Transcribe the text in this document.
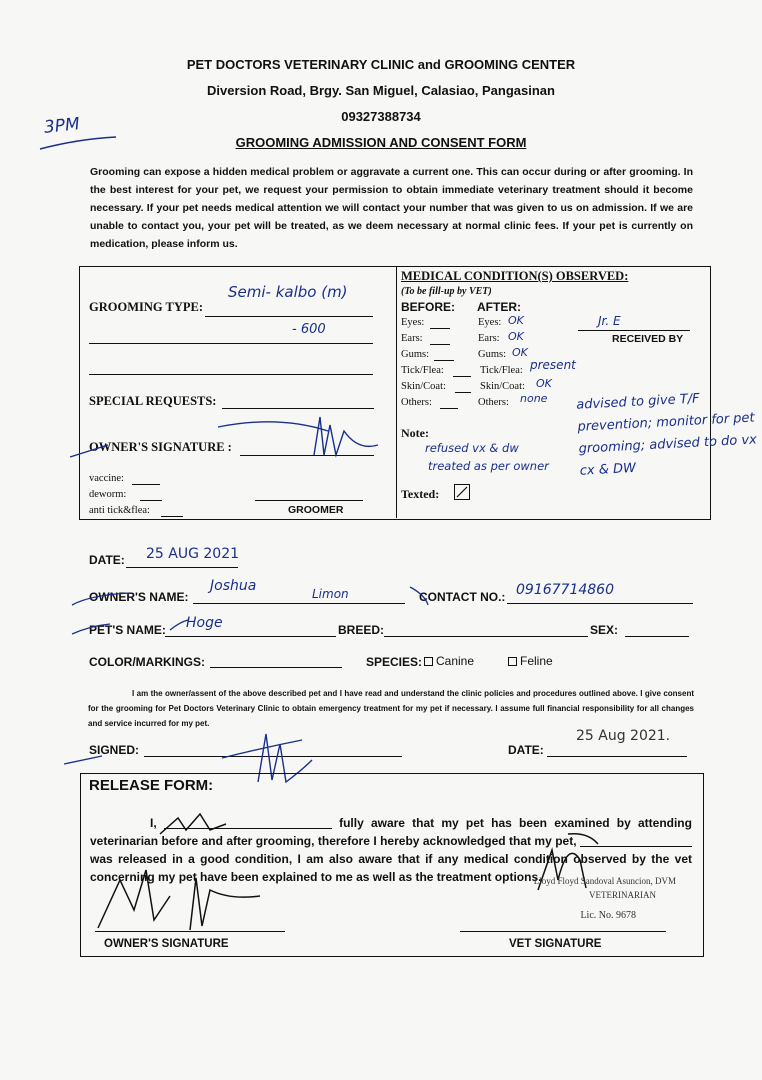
PET DOCTORS VETERINARY CLINIC and GROOMING CENTER
Diversion Road, Brgy. San Miguel, Calasiao, Pangasinan
09327388734
GROOMING ADMISSION AND CONSENT FORM
3PM
Grooming can expose a hidden medical problem or aggravate a current one. This can occur during or after grooming. In the best interest for your pet, we request your permission to obtain immediate veterinary treatment should it become necessary. If your pet needs medical attention we will contact your number that was given to us on admission. If we are unable to contact you, your pet will be treated, as we deem necessary at normal clinic fees. If your pet is currently on medication, please inform us.
GROOMING TYPE:
Semi- kalbo (m)
- 600
SPECIAL REQUESTS:
OWNER'S SIGNATURE :
vaccine:
deworm:
anti tick&flea:	GROOMER
MEDICAL CONDITION(S) OBSERVED:
(To be fill-up by VET)
BEFORE: AFTER:
Eyes:	Eyes: OK
Ears:	Ears: OK
Gums:	Gums: OK
Tick/Flea:	Tick/Flea: present
Skin/Coat:	Skin/Coat: OK
Others:	Others: none
Jr. E
RECEIVED BY
Note:
refused vx & dw
treated as per owner
Texted:
advised to give T/F prevention; monitor for pet grooming; advised to do vx cx & DW
DATE: 25 AUG 2021
OWNER'S NAME:
Joshua	Limon	CONTACT NO.: 09167714860
PET'S NAME: Hoge	BREED:	SEX:
COLOR/MARKINGS:	SPECIES: Canine	Feline
I am the owner/assent of the above described pet and I have read and understand the clinic policies and procedures outlined above. I give consent for the grooming for Pet Doctors Veterinary Clinic to obtain emergency treatment for my pet if necessary. I assume full financial responsibility for all changes and service incurred for my pet.
SIGNED:	DATE:
25 Aug 2021.
RELEASE FORM:
I,	fully aware that my pet has been examined by attending veterinarian before and after grooming, therefore I hereby acknowledged that my pet,  was released in a good condition, I am also aware that if any medical condition observed by the vet concerning my pet have been explained to me as well as the treatment options.
Lloyd Floyd Sandoval Asuncion, DVM
VETERINARIAN
Lic. No. 9678
OWNER'S SIGNATURE	VET SIGNATURE
